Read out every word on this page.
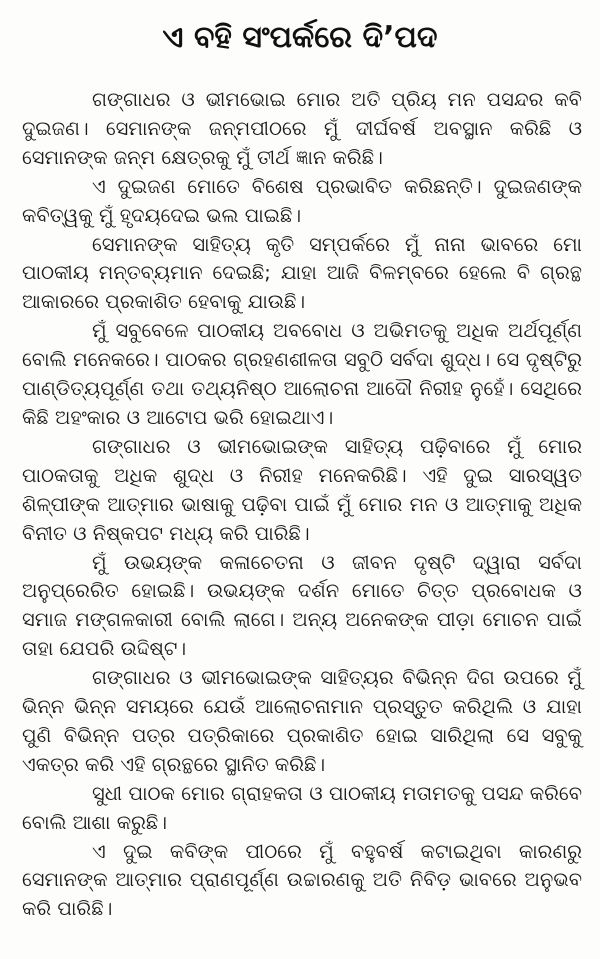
ଏ ବହି ସଂପର୍କରେ ଦି’ପଦ

ଗଙ୍ଗାଧର ଓ ଭୀମଭୋଇ ମୋର ଅତି ପ୍ରିୟ ମନ ପସନ୍ଦର କବି ଦୁଇଜଣ। ସେମାନଙ୍କ ଜନ୍ମପୀଠରେ ମୁଁ ଦୀର୍ଘବର୍ଷ ଅବସ୍ଥାନ କରିଛି ଓ ସେମାନଙ୍କ ଜନ୍ମ କ୍ଷେତ୍ରକୁ ମୁଁ ତୀର୍ଥ ଜ୍ଞାନ କରିଛି।

ଏ ଦୁଇଜଣ ମୋତେ ବିଶେଷ ପ୍ରଭାବିତ କରିଛନ୍ତି। ଦୁଇଜଣଙ୍କ କବିତ୍ୱକୁ ମୁଁ ହୃଦୟଦେଇ ଭଲ ପାଇଛି।

ସେମାନଙ୍କ ସାହିତ୍ୟ କୃତି ସମ୍ପର୍କରେ ମୁଁ ନାନା ଭାବରେ ମୋ ପାଠକୀୟ ମନ୍ତବ୍ୟମାନ ଦେଇଛି; ଯାହା ଆଜି ବିଳମ୍ବରେ ହେଲେ ବି ଗ୍ରନ୍ଥ ଆକାରରେ ପ୍ରକାଶିତ ହେବାକୁ ଯାଉଛି।

ମୁଁ ସବୁବେଳେ ପାଠକୀୟ ଅବବୋଧ ଓ ଅଭିମତକୁ ଅଧିକ ଅର୍ଥପୂର୍ଣ୍ଣ ବୋଲି ମନେକରେ। ପାଠକର ଗ୍ରହଣଶୀଳତା ସବୁଠି ସର୍ବଦା ଶୁଦ୍ଧ। ସେ ଦୃଷ୍ଟିରୁ ପାଣ୍ଡିତ୍ୟପୂର୍ଣ୍ଣ ତଥା ତଥ୍ୟନିଷ୍ଠ ଆଲୋଚନା ଆଦୌ ନିରୀହ ନୁହେଁ। ସେଥିରେ କିଛି ଅହଂକାର ଓ ଆଟୋପ ଭରି ହୋଇଥାଏ।

ଗଙ୍ଗାଧର ଓ ଭୀମଭୋଇଙ୍କ ସାହିତ୍ୟ ପଢ଼ିବାରେ ମୁଁ ମୋର ପାଠକତାକୁ ଅଧିକ ଶୁଦ୍ଧ ଓ ନିରୀହ ମନେକରିଛି। ଏହି ଦୁଇ ସାରସ୍ୱତ ଶିଳ୍ପୀଙ୍କ ଆତ୍ମାର ଭାଷାକୁ ପଢ଼ିବା ପାଇଁ ମୁଁ ମୋର ମନ ଓ ଆତ୍ମାକୁ ଅଧିକ ବିନୀତ ଓ ନିଷ୍କପଟ ମଧ୍ୟ କରି ପାରିଛି।

ମୁଁ ଉଭୟଙ୍କ କଳାଚେତନା ଓ ଜୀବନ ଦୃଷ୍ଟି ଦ୍ୱାରା ସର୍ବଦା ଅନୁପ୍ରେରିତ ହୋଇଛି। ଉଭୟଙ୍କ ଦର୍ଶନ ମୋତେ ଚିତ୍ତ ପ୍ରବୋଧକ ଓ ସମାଜ ମଙ୍ଗଳକାରୀ ବୋଲି ଲାଗେ। ଅନ୍ୟ ଅନେକଙ୍କ ପୀଡ଼ା ମୋଚନ ପାଇଁ ତାହା ଯେପରି ଉଦ୍ଦିଷ୍ଟ।

ଗଙ୍ଗାଧର ଓ ଭୀମଭୋଇଙ୍କ ସାହିତ୍ୟର ବିଭିନ୍ନ ଦିଗ ଉପରେ ମୁଁ ଭିନ୍ନ ଭିନ୍ନ ସମୟରେ ଯେଉଁ ଆଲୋଚନାମାନ ପ୍ରସ୍ତୁତ କରିଥିଲି ଓ ଯାହା ପୁଣି ବିଭିନ୍ନ ପତ୍ର ପତ୍ରିକାରେ ପ୍ରକାଶିତ ହୋଇ ସାରିଥିଲା ସେ ସବୁକୁ ଏକତ୍ର କରି ଏହି ଗ୍ରନ୍ଥରେ ସ୍ଥାନିତ କରିଛି।

ସୁଧୀ ପାଠକ ମୋର ଗ୍ରାହକତା ଓ ପାଠକୀୟ ମତାମତକୁ ପସନ୍ଦ କରିବେ ବୋଲି ଆଶା କରୁଛି।

ଏ ଦୁଇ କବିଙ୍କ ପୀଠରେ ମୁଁ ବହୁବର୍ଷ କଟାଇଥିବା କାରଣରୁ ସେମାନଙ୍କ ଆତ୍ମାର ପ୍ରାଣପୂର୍ଣ୍ଣ ଉଚ୍ଚାରଣକୁ ଅତି ନିବିଡ଼ ଭାବରେ ଅନୁଭବ କରି ପାରିଛି।
